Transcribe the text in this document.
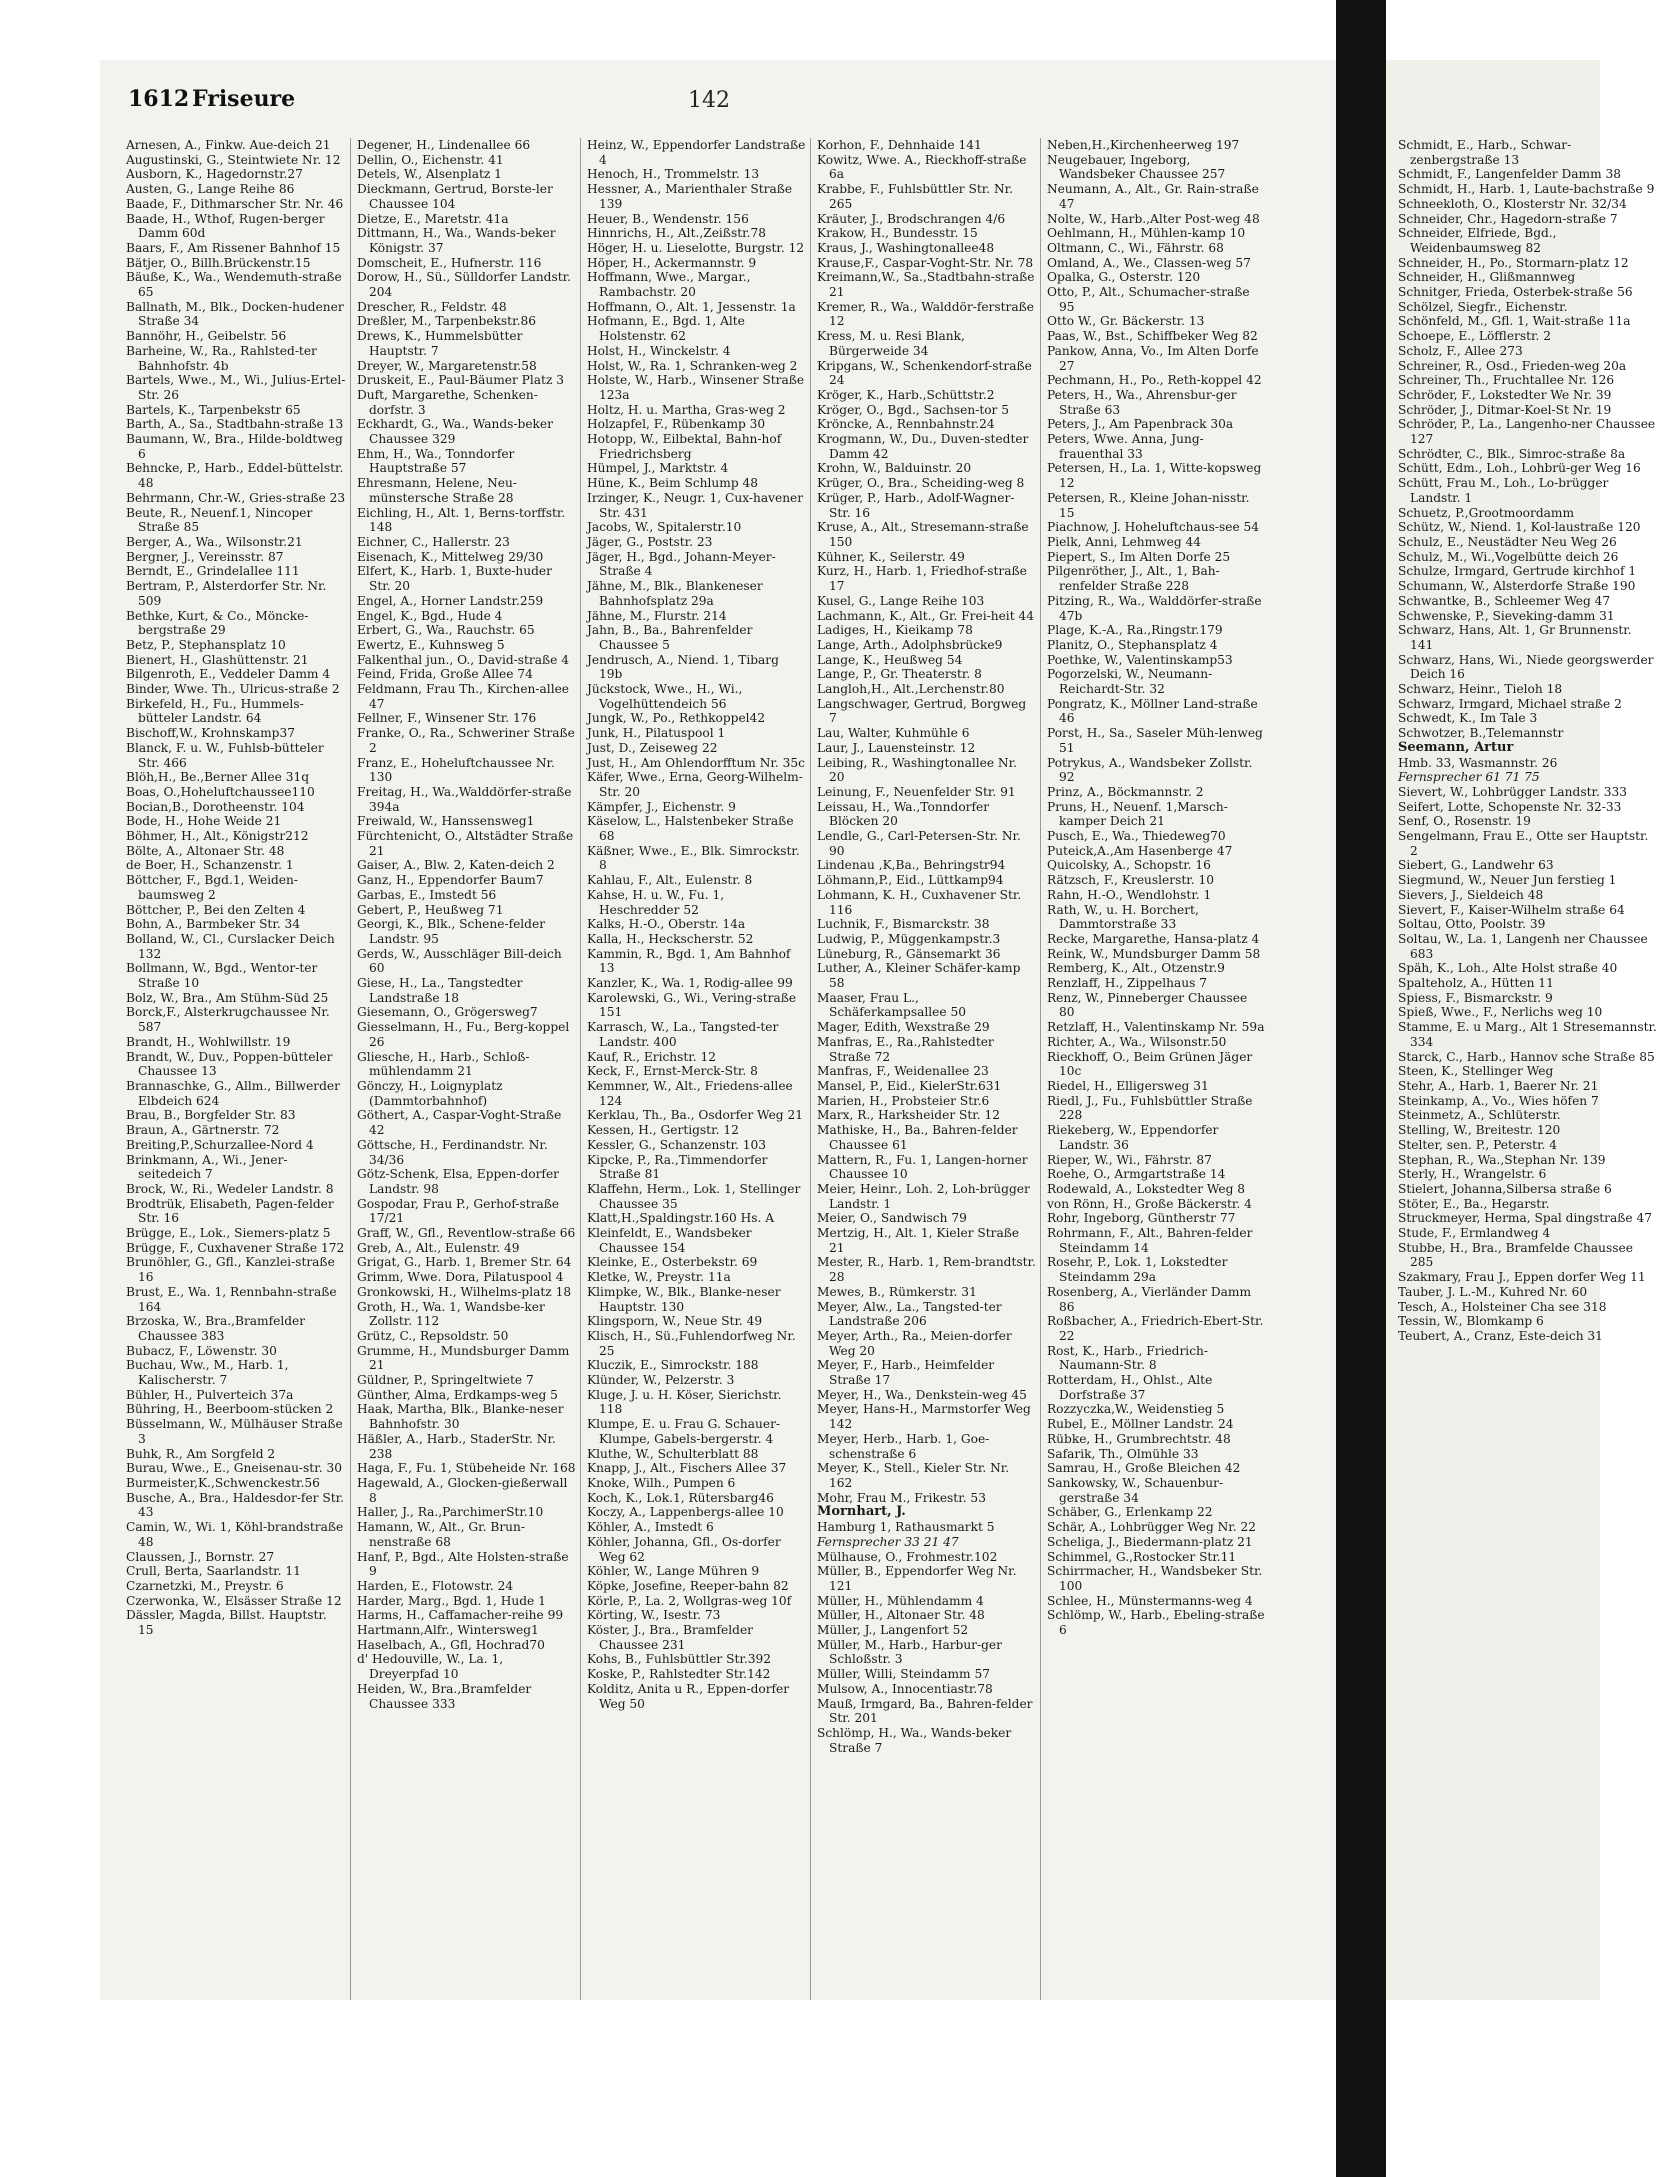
1612 Friseure	142

Arnesen, A., Finkw. Aue-deich 21

Augustinski, G., Steintwiete Nr. 12

Ausborn, K., Hagedornstr.27

Austen, G., Lange Reihe 86

Baade, F., Dithmarscher Str. Nr. 46

Baade, H., Wthof, Rugen-berger Damm 60d

Baars, F., Am Rissener Bahnhof 15

Bätjer, O., Billh.Brückenstr.15

Bäuße, K., Wa., Wendemuth-straße 65

Ballnath, M., Blk., Docken-hudener Straße 34

Bannöhr, H., Geibelstr. 56

Barheine, W., Ra., Rahlsted-ter Bahnhofstr. 4b

Bartels, Wwe., M., Wi., Julius-Ertel-Str. 26

Bartels, K., Tarpenbekstr 65

Barth, A., Sa., Stadtbahn-straße 13

Baumann, W., Bra., Hilde-boldtweg 6

Behncke, P., Harb., Eddel-büttelstr. 48

Behrmann, Chr.-W., Gries-straße 23

Beute, R., Neuenf.1, Nincoper Straße 85

Berger, A., Wa., Wilsonstr.21

Bergner, J., Vereinsstr. 87

Berndt, E., Grindelallee 111

Bertram, P., Alsterdorfer Str. Nr. 509

Bethke, Kurt, & Co., Möncke-bergstraße 29

Betz, P., Stephansplatz 10

Bienert, H., Glashüttenstr. 21

Bilgenroth, E., Veddeler Damm 4

Binder, Wwe. Th., Ulricus-straße 2

Birkefeld, H., Fu., Hummels-bütteler Landstr. 64

Bischoff,W., Krohnskamp37

Blanck, F. u. W., Fuhlsb-bütteler Str. 466

Blöh,H., Be.,Berner Allee 31q

Boas, O.,Hoheluftchaussee110

Bocian,B., Dorotheenstr. 104

Bode, H., Hohe Weide 21

Böhmer, H., Alt., Königstr212

Bölte, A., Altonaer Str. 48

de Boer, H., Schanzenstr. 1

Böttcher, F., Bgd.1, Weiden-baumsweg 2

Böttcher, P., Bei den Zelten 4

Bohn, A., Barmbeker Str. 34

Bolland, W., Cl., Curslacker Deich 132

Bollmann, W., Bgd., Wentor-ter Straße 10

Bolz, W., Bra., Am Stühm-Süd 25

Borck,F., Alsterkrugchaussee Nr. 587

Brandt, H., Wohlwillstr. 19

Brandt, W., Duv., Poppen-bütteler Chaussee 13

Brannaschke, G., Allm., Billwerder Elbdeich 624

Brau, B., Borgfelder Str. 83

Braun, A., Gärtnerstr. 72

Breiting,P.,Schurzallee-Nord 4

Brinkmann, A., Wi., Jener-seitedeich 7

Brock, W., Ri., Wedeler Landstr. 8

Brodtrük, Elisabeth, Pagen-felder Str. 16

Brügge, E., Lok., Siemers-platz 5

Brügge, F., Cuxhavener Straße 172

Brunöhler, G., Gfl., Kanzlei-straße 16

Brust, E., Wa. 1, Rennbahn-straße 164

Brzoska, W., Bra.,Bramfelder Chaussee 383

Bubacz, F., Löwenstr. 30

Buchau, Ww., M., Harb. 1, Kalischerstr. 7

Bühler, H., Pulverteich 37a

Bühring, H., Beerboom-stücken 2

Büsselmann, W., Mülhäuser Straße 3

Buhk, R., Am Sorgfeld 2

Burau, Wwe., E., Gneisenau-str. 30

Burmeister,K.,Schwenckestr.56

Busche, A., Bra., Haldesdor-fer Str. 43

Camin, W., Wi. 1, Köhl-brandstraße 48

Claussen, J., Bornstr. 27

Crull, Berta, Saarlandstr. 11

Czarnetzki, M., Preystr. 6

Czerwonka, W., Elsässer Straße 12

Dässler, Magda, Billst. Hauptstr. 15

Degener, H., Lindenallee 66

Dellin, O., Eichenstr. 41

Detels, W., Alsenplatz 1

Dieckmann, Gertrud, Borste-ler Chaussee 104

Dietze, E., Maretstr. 41a

Dittmann, H., Wa., Wands-beker Königstr. 37

Domscheit, E., Hufnerstr. 116

Dorow, H., Sü., Sülldorfer Landstr. 204

Drescher, R., Feldstr. 48

Dreßler, M., Tarpenbekstr.86

Drews, K., Hummelsbütter Hauptstr. 7

Dreyer, W., Margaretenstr.58

Druskeit, E., Paul-Bäumer Platz 3

Duft, Margarethe, Schenken-dorfstr. 3

Eckhardt, G., Wa., Wands-beker Chaussee 329

Ehm, H., Wa., Tonndorfer Hauptstraße 57

Ehresmann, Helene, Neu-münstersche Straße 28

Eichling, H., Alt. 1, Berns-torffstr. 148

Eichner, C., Hallerstr. 23

Eisenach, K., Mittelweg 29/30

Elfert, K., Harb. 1, Buxte-huder Str. 20

Engel, A., Horner Landstr.259

Engel, K., Bgd., Hude 4

Erbert, G., Wa., Rauchstr. 65

Ewertz, E., Kuhnsweg 5

Falkenthal jun., O., David-straße 4

Feind, Frida, Große Allee 74

Feldmann, Frau Th., Kirchen-allee 47

Fellner, F., Winsener Str. 176

Franke, O., Ra., Schweriner Straße 2

Franz, E., Hoheluftchaussee Nr. 130

Freitag, H., Wa.,Walddörfer-straße 394a

Freiwald, W., Hanssensweg1

Fürchtenicht, O., Altstädter Straße 21

Gaiser, A., Blw. 2, Katen-deich 2

Ganz, H., Eppendorfer Baum7

Garbas, E., Imstedt 56

Gebert, P., Heußweg 71

Georgi, K., Blk., Schene-felder Landstr. 95

Gerds, W., Ausschläger Bill-deich 60

Giese, H., La., Tangstedter Landstraße 18

Giesemann, O., Grögersweg7

Giesselmann, H., Fu., Berg-koppel 26

Gliesche, H., Harb., Schloß-mühlendamm 21

Gönczy, H., Loignyplatz (Dammtorbahnhof)

Göthert, A., Caspar-Voght-Straße 42

Göttsche, H., Ferdinandstr. Nr. 34/36

Götz-Schenk, Elsa, Eppen-dorfer Landstr. 98

Gospodar, Frau P., Gerhof-straße 17/21

Graff, W., Gfl., Reventlow-straße 66

Greb, A., Alt., Eulenstr. 49

Grigat, G., Harb. 1, Bremer Str. 64

Grimm, Wwe. Dora, Pilatuspool 4

Gronkowski, H., Wilhelms-platz 18

Groth, H., Wa. 1, Wandsbe-ker Zollstr. 112

Grütz, C., Repsoldstr. 50

Grumme, H., Mundsburger Damm 21

Güldner, P., Springeltwiete 7

Günther, Alma, Erdkamps-weg 5

Haak, Martha, Blk., Blanke-neser Bahnhofstr. 30

Häßler, A., Harb., StaderStr. Nr. 238

Haga, F., Fu. 1, Stübeheide Nr. 168

Hagewald, A., Glocken-gießerwall 8

Haller, J., Ra.,ParchimerStr.10

Hamann, W., Alt., Gr. Brun-nenstraße 68

Hanf, P., Bgd., Alte Holsten-straße 9

Harden, E., Flotowstr. 24

Harder, Marg., Bgd. 1, Hude 1

Harms, H., Caffamacher-reihe 99

Hartmann,Alfr., Wintersweg1

Haselbach, A., Gfl, Hochrad70

d' Hedouville, W., La. 1, Dreyerpfad 10

Heiden, W., Bra.,Bramfelder Chaussee 333

Heinz, W., Eppendorfer Landstraße 4

Henoch, H., Trommelstr. 13

Hessner, A., Marienthaler Straße 139

Heuer, B., Wendenstr. 156

Hinnrichs, H., Alt.,Zeißstr.78

Höger, H. u. Lieselotte, Burgstr. 12

Höper, H., Ackermannstr. 9

Hoffmann, Wwe., Margar., Rambachstr. 20

Hoffmann, O., Alt. 1, Jessenstr. 1a

Hofmann, E., Bgd. 1, Alte Holstenstr. 62

Holst, H., Winckelstr. 4

Holst, W., Ra. 1, Schranken-weg 2

Holste, W., Harb., Winsener Straße 123a

Holtz, H. u. Martha, Gras-weg 2

Holzapfel, F., Rübenkamp 30

Hotopp, W., Eilbektal, Bahn-hof Friedrichsberg

Hümpel, J., Marktstr. 4

Hüne, K., Beim Schlump 48

Irzinger, K., Neugr. 1, Cux-havener Str. 431

Jacobs, W., Spitalerstr.10

Jäger, G., Poststr. 23

Jäger, H., Bgd., Johann-Meyer-Straße 4

Jähne, M., Blk., Blankeneser Bahnhofsplatz 29a

Jähne, M., Flurstr. 214

Jahn, B., Ba., Bahrenfelder Chaussee 5

Jendrusch, A., Niend. 1, Tibarg 19b

Jückstock, Wwe., H., Wi., Vogelhüttendeich 56

Jungk, W., Po., Rethkoppel42

Junk, H., Pilatuspool 1

Just, D., Zeiseweg 22

Just, H., Am Ohlendorfftum Nr. 35c

Käfer, Wwe., Erna, Georg-Wilhelm-Str. 20

Kämpfer, J., Eichenstr. 9

Käselow, L., Halstenbeker Straße 68

Käßner, Wwe., E., Blk. Simrockstr. 8

Kahlau, F., Alt., Eulenstr. 8

Kahse, H. u. W., Fu. 1, Heschredder 52

Kalks, H.-O., Oberstr. 14a

Kalla, H., Heckscherstr. 52

Kammin, R., Bgd. 1, Am Bahnhof 13

Kanzler, K., Wa. 1, Rodig-allee 99

Karolewski, G., Wi., Vering-straße 151

Karrasch, W., La., Tangsted-ter Landstr. 400

Kauf, R., Erichstr. 12

Keck, F., Ernst-Merck-Str. 8

Kemmner, W., Alt., Friedens-allee 124

Kerklau, Th., Ba., Osdorfer Weg 21

Kessen, H., Gertigstr. 12

Kessler, G., Schanzenstr. 103

Kipcke, P., Ra.,Timmendorfer Straße 81

Klaffehn, Herm., Lok. 1, Stellinger Chaussee 35

Klatt,H.,Spaldingstr.160 Hs. A

Kleinfeldt, E., Wandsbeker Chaussee 154

Kleinke, E., Osterbekstr. 69

Kletke, W., Preystr. 11a

Klimpke, W., Blk., Blanke-neser Hauptstr. 130

Klingsporn, W., Neue Str. 49

Klisch, H., Sü.,Fuhlendorfweg Nr. 25

Kluczik, E., Simrockstr. 188

Klünder, W., Pelzerstr. 3

Kluge, J. u. H. Köser, Sierichstr. 118

Klumpe, E. u. Frau G. Schauer-Klumpe, Gabels-bergerstr. 4

Kluthe, W., Schulterblatt 88

Knapp, J., Alt., Fischers Allee 37

Knoke, Wilh., Pumpen 6

Koch, K., Lok.1, Rütersbarg46

Koczy, A., Lappenbergs-allee 10

Köhler, A., Imstedt 6

Köhler, Johanna, Gfl., Os-dorfer Weg 62

Köhler, W., Lange Mühren 9

Köpke, Josefine, Reeper-bahn 82

Körle, P., La. 2, Wollgras-weg 10f

Körting, W., Isestr. 73

Köster, J., Bra., Bramfelder Chaussee 231

Kohs, B., Fuhlsbüttler Str.392

Koske, P., Rahlstedter Str.142

Kolditz, Anita u R., Eppen-dorfer Weg 50

Korhon, F., Dehnhaide 141

Kowitz, Wwe. A., Rieckhoff-straße 6a

Krabbe, F., Fuhlsbüttler Str. Nr. 265

Kräuter, J., Brodschrangen 4/6

Krakow, H., Bundesstr. 15

Kraus, J., Washingtonallee48

Krause,F., Caspar-Voght-Str. Nr. 78

Kreimann,W., Sa.,Stadtbahn-straße 21

Kremer, R., Wa., Walddör-ferstraße 12

Kress, M. u. Resi Blank, Bürgerweide 34

Kripgans, W., Schenkendorf-straße 24

Kröger, K., Harb.,Schüttstr.2

Kröger, O., Bgd., Sachsen-tor 5

Kröncke, A., Rennbahnstr.24

Krogmann, W., Du., Duven-stedter Damm 42

Krohn, W., Balduinstr. 20

Krüger, O., Bra., Scheiding-weg 8

Krüger, P., Harb., Adolf-Wagner-Str. 16

Kruse, A., Alt., Stresemann-straße 150

Kühner, K., Seilerstr. 49

Kurz, H., Harb. 1, Friedhof-straße 17

Kusel, G., Lange Reihe 103

Lachmann, K., Alt., Gr. Frei-heit 44

Ladiges, H., Kieikamp 78

Lange, Arth., Adolphsbrücke9

Lange, K., Heußweg 54

Lange, P., Gr. Theaterstr. 8

Langloh,H., Alt.,Lerchenstr.80

Langschwager, Gertrud, Borgweg 7

Lau, Walter, Kuhmühle 6

Laur, J., Lauensteinstr. 12

Leibing, R., Washingtonallee Nr. 20

Leinung, F., Neuenfelder Str. 91

Leissau, H., Wa.,Tonndorfer Blöcken 20

Lendle, G., Carl-Petersen-Str. Nr. 90

Lindenau ,K,Ba., Behringstr94

Löhmann,P., Eid., Lüttkamp94

Lohmann, K. H., Cuxhavener Str. 116

Luchnik, F., Bismarckstr. 38

Ludwig, P., Müggenkampstr.3

Lüneburg, R., Gänsemarkt 36

Luther, A., Kleiner Schäfer-kamp 58

Maaser, Frau L., Schäferkampsallee 50

Mager, Edith, Wexstraße 29

Manfras, E., Ra.,Rahlstedter Straße 72

Manfras, F., Weidenallee 23

Mansel, P., Eid., KielerStr.631

Marien, H., Probsteier Str.6

Marx, R., Harksheider Str. 12

Mathiske, H., Ba., Bahren-felder Chaussee 61

Mattern, R., Fu. 1, Langen-horner Chaussee 10

Meier, Heinr., Loh. 2, Loh-brügger Landstr. 1

Meier, O., Sandwisch 79

Mertzig, H., Alt. 1, Kieler Straße 21

Mester, R., Harb. 1, Rem-brandtstr. 28

Mewes, B., Rümkerstr. 31

Meyer, Alw., La., Tangsted-ter Landstraße 206

Meyer, Arth., Ra., Meien-dorfer Weg 20

Meyer, F., Harb., Heimfelder Straße 17

Meyer, H., Wa., Denkstein-weg 45

Meyer, Hans-H., Marmstorfer Weg 142

Meyer, Herb., Harb. 1, Goe-schenstraße 6

Meyer, K., Stell., Kieler Str. Nr. 162

Mohr, Frau M., Frikestr. 53

Mornhart, J.

Hamburg 1, Rathausmarkt 5

Fernsprecher 33 21 47

Mülhause, O., Frohmestr.102

Müller, B., Eppendorfer Weg Nr. 121

Müller, H., Mühlendamm 4

Müller, H., Altonaer Str. 48

Müller, J., Langenfort 52

Müller, M., Harb., Harbur-ger Schloßstr. 3

Müller, Willi, Steindamm 57

Mulsow, A., Innocentiastr.78

Mauß, Irmgard, Ba., Bahren-felder Str. 201

Schlömp, H., Wa., Wands-beker Straße 7

Neben,H.,Kirchenheerweg 197

Neugebauer, Ingeborg, Wandsbeker Chaussee 257

Neumann, A., Alt., Gr. Rain-straße 47

Nolte, W., Harb.,Alter Post-weg 48

Oehlmann, H., Mühlen-kamp 10

Oltmann, C., Wi., Fährstr. 68

Omland, A., We., Classen-weg 57

Opalka, G., Osterstr. 120

Otto, P., Alt., Schumacher-straße 95

Otto W., Gr. Bäckerstr. 13

Paas, W., Bst., Schiffbeker Weg 82

Pankow, Anna, Vo., Im Alten Dorfe 27

Pechmann, H., Po., Reth-koppel 42

Peters, H., Wa., Ahrensbur-ger Straße 63

Peters, J., Am Papenbrack 30a

Peters, Wwe. Anna, Jung-frauenthal 33

Petersen, H., La. 1, Witte-kopsweg 12

Petersen, R., Kleine Johan-nisstr. 15

Piachnow, J. Hoheluftchaus-see 54

Pielk, Anni, Lehmweg 44

Piepert, S., Im Alten Dorfe 25

Pilgenröther, J., Alt., 1, Bah-renfelder Straße 228

Pitzing, R., Wa., Walddörfer-straße 47b

Plage, K.-A., Ra.,Ringstr.179

Planitz, O., Stephansplatz 4

Poethke, W., Valentinskamp53

Pogorzelski, W., Neumann-Reichardt-Str. 32

Pongratz, K., Möllner Land-straße 46

Porst, H., Sa., Saseler Müh-lenweg 51

Potrykus, A., Wandsbeker Zollstr. 92

Prinz, A., Böckmannstr. 2

Pruns, H., Neuenf. 1,Marsch-kamper Deich 21

Pusch, E., Wa., Thiedeweg70

Puteick,A.,Am Hasenberge 47

Quicolsky, A., Schopstr. 16

Rätzsch, F., Kreuslerstr. 10

Rahn, H.-O., Wendlohstr. 1

Rath, W., u. H. Borchert, Dammtorstraße 33

Recke, Margarethe, Hansa-platz 4

Reink, W., Mundsburger Damm 58

Remberg, K., Alt., Otzenstr.9

Renzlaff, H., Zippelhaus 7

Renz, W., Pinneberger Chaussee 80

Retzlaff, H., Valentinskamp Nr. 59a

Richter, A., Wa., Wilsonstr.50

Rieckhoff, O., Beim Grünen Jäger 10c

Riedel, H., Elligersweg 31

Riedl, J., Fu., Fuhlsbüttler Straße 228

Riekeberg, W., Eppendorfer Landstr. 36

Rieper, W., Wi., Fährstr. 87

Roehe, O., Armgartstraße 14

Rodewald, A., Lokstedter Weg 8

von Rönn, H., Große Bäckerstr. 4

Rohr, Ingeborg, Güntherstr 77

Rohrmann, F., Alt., Bahren-felder Steindamm 14

Rosehr, P., Lok. 1, Lokstedter Steindamm 29a

Rosenberg, A., Vierländer Damm 86

Roßbacher, A., Friedrich-Ebert-Str. 22

Rost, K., Harb., Friedrich-Naumann-Str. 8

Rotterdam, H., Ohlst., Alte Dorfstraße 37

Rozzyczka,W., Weidenstieg 5

Rubel, E., Möllner Landstr. 24

Rübke, H., Grumbrechtstr. 48

Safarik, Th., Olmühle 33

Samrau, H., Große Bleichen 42

Sankowsky, W., Schauenbur-gerstraße 34

Schäber, G., Erlenkamp 22

Schär, A., Lohbrügger Weg Nr. 22

Scheliga, J., Biedermann-platz 21

Schimmel, G.,Rostocker Str.11

Schirrmacher, H., Wandsbeker Str. 100

Schlee, H., Münstermanns-weg 4

Schlömp, W., Harb., Ebeling-straße 6

Schmidt, E., Harb., Schwar-zenbergstraße 13

Schmidt, F., Langenfelder Damm 38

Schmidt, H., Harb. 1, Laute-bachstraße 9

Schneekloth, O., Klosterstr Nr. 32/34

Schneider, Chr., Hagedorn-straße 7

Schneider, Elfriede, Bgd., Weidenbaumsweg 82

Schneider, H., Po., Stormarn-platz 12

Schneider, H., Glißmannweg

Schnitger, Frieda, Osterbek-straße 56

Schölzel, Siegfr., Eichenstr.

Schönfeld, M., Gfl. 1, Wait-straße 11a

Schoepe, E., Löfflerstr. 2

Scholz, F., Allee 273

Schreiner, R., Osd., Frieden-weg 20a

Schreiner, Th., Fruchtallee Nr. 126

Schröder, F., Lokstedter We Nr. 39

Schröder, J., Ditmar-Koel-St Nr. 19

Schröder, P., La., Langenho-ner Chaussee 127

Schrödter, C., Blk., Simroc-straße 8a

Schütt, Edm., Loh., Lohbrü-ger Weg 16

Schütt, Frau M., Loh., Lo-brügger Landstr. 1

Schuetz, P.,Grootmoordamm

Schütz, W., Niend. 1, Kol-laustraße 120

Schulz, E., Neustädter Neu Weg 26

Schulz, M., Wi.,Vogelbütte deich 26

Schulze, Irmgard, Gertrude kirchhof 1

Schumann, W., Alsterdorfe Straße 190

Schwantke, B., Schleemer Weg 47

Schwenske, P., Sieveking-damm 31

Schwarz, Hans, Alt. 1, Gr Brunnenstr. 141

Schwarz, Hans, Wi., Niede georgswerder Deich 16

Schwarz, Heinr., Tieloh 18

Schwarz, Irmgard, Michael straße 2

Schwedt, K., Im Tale 3

Schwotzer, B.,Telemannstr

Seemann, Artur

Hmb. 33, Wasmannstr. 26

Fernsprecher 61 71 75

Sievert, W., Lohbrügger Landstr. 333

Seifert, Lotte, Schopenste Nr. 32-33

Senf, O., Rosenstr. 19

Sengelmann, Frau E., Otte ser Hauptstr. 2

Siebert, G., Landwehr 63

Siegmund, W., Neuer Jun ferstieg 1

Sievers, J., Sieldeich 48

Sievert, F., Kaiser-Wilhelm straße 64

Soltau, Otto, Poolstr. 39

Soltau, W., La. 1, Langenh ner Chaussee 683

Späh, K., Loh., Alte Holst straße 40

Spalteholz, A., Hütten 11

Spiess, F., Bismarckstr. 9

Spieß, Wwe., F., Nerlichs weg 10

Stamme, E. u Marg., Alt 1 Stresemannstr. 334

Starck, C., Harb., Hannov sche Straße 85

Steen, K., Stellinger Weg

Stehr, A., Harb. 1, Baerer Nr. 21

Steinkamp, A., Vo., Wies höfen 7

Steinmetz, A., Schlüterstr.

Stelling, W., Breitestr. 120

Stelter, sen. P., Peterstr. 4

Stephan, R., Wa.,Stephan Nr. 139

Sterly, H., Wrangelstr. 6

Stielert, Johanna,Silbersa straße 6

Stöter, E., Ba., Hegarstr.

Struckmeyer, Herma, Spal dingstraße 47

Stude, F., Ermlandweg 4

Stubbe, H., Bra., Bramfelde Chaussee 285

Szakmary, Frau J., Eppen dorfer Weg 11

Tauber, J. L.-M., Kuhred Nr. 60

Tesch, A., Holsteiner Cha see 318

Tessin, W., Blomkamp 6

Teubert, A., Cranz, Este-deich 31
